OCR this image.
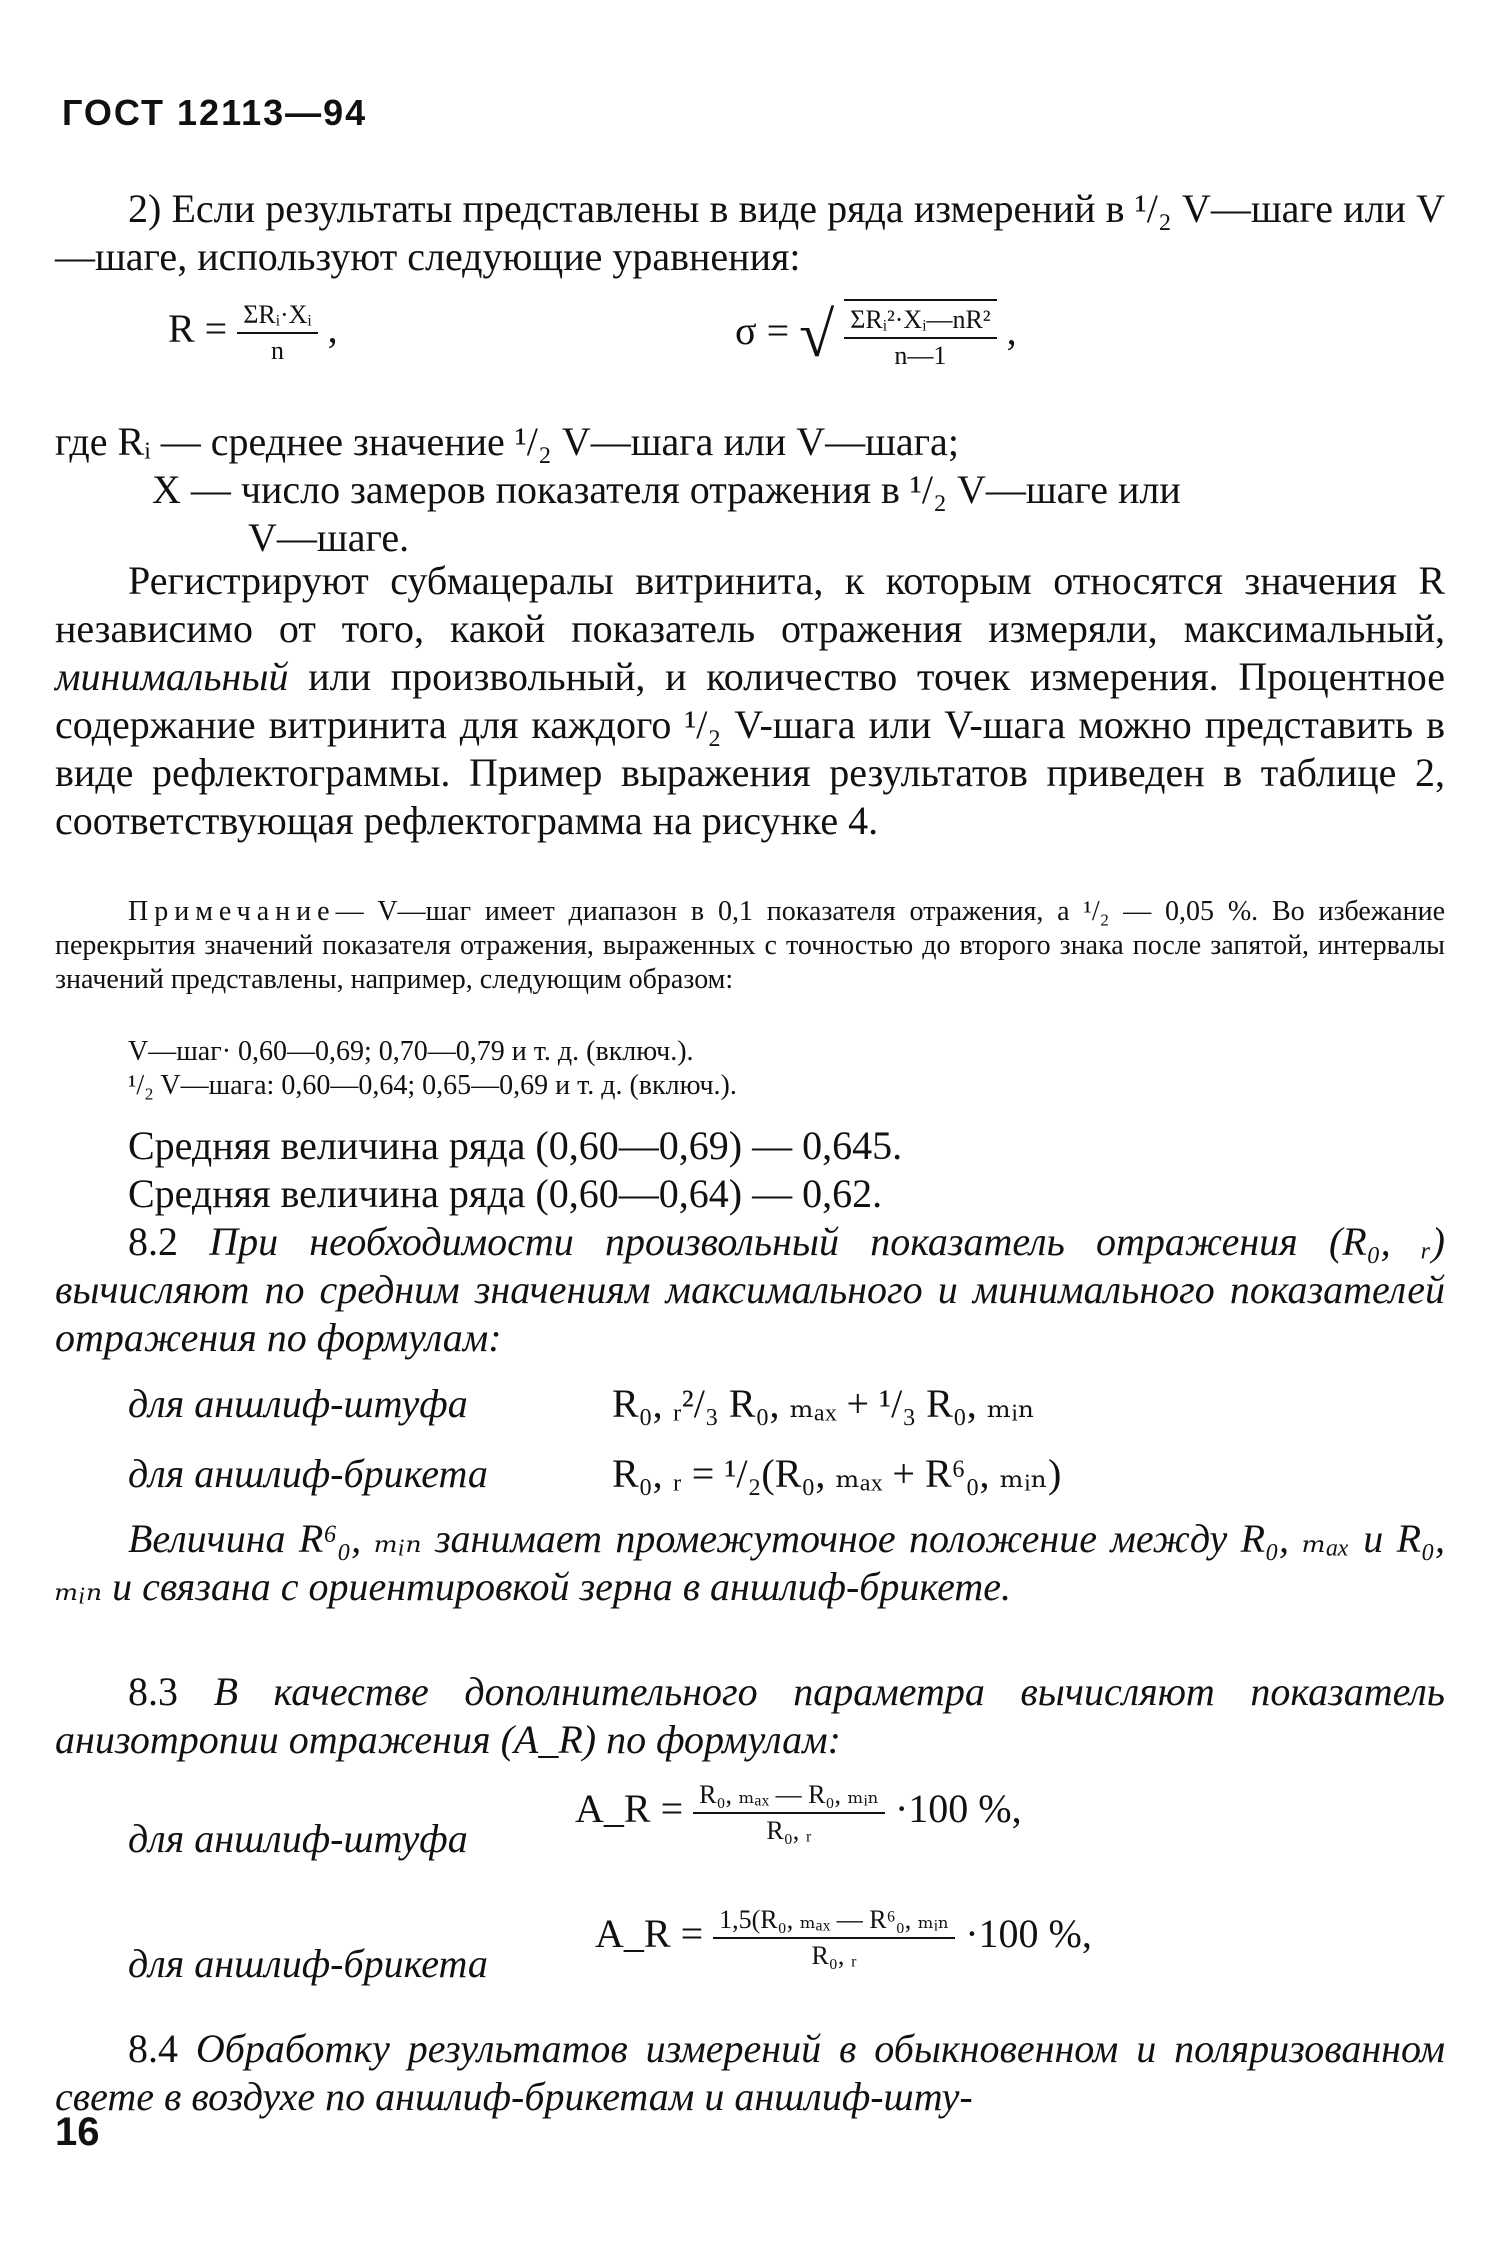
ГОСТ 12113—94

2) Если результаты представлены в виде ряда измерений в ¹/₂ V—шаге или V—шаге, используют следующие уравнения:

$R = \frac{\text{ΣRᵢ·Xᵢ}}{n}$ ,	σ = √ $\frac{\text{ΣRᵢ²·Xᵢ—nR²}}{n—1}$ ,
где Rᵢ — среднее значение ¹/₂ V—шага или V—шага;
X — число замеров показателя отражения в ¹/₂ V—шаге или
V—шаге.

Регистрируют субмацералы витринита, к которым относятся значения R независимо от того, какой показатель отражения измеряли, максимальный, минимальный или произвольный, и количество точек измерения. Процентное содержание витринита для каждого ¹/₂ V-шага или V-шага можно представить в виде рефлектограммы. Пример выражения результатов приведен в таблице 2, соответствующая рефлектограмма на рисунке 4.

Примечание— V—шаг имеет диапазон в 0,1 показателя отражения, а ¹/₂ — 0,05 %. Во избежание перекрытия значений показателя отражения, выраженных с точностью до второго знака после запятой, интервалы значений представлены, например, следующим образом:

V—шаг· 0,60—0,69; 0,70—0,79 и т. д. (включ.).
¹/₂ V—шага: 0,60—0,64; 0,65—0,69 и т. д. (включ.).
Средняя величина ряда (0,60—0,69) — 0,645.
Средняя величина ряда (0,60—0,64) — 0,62.

8.2 При необходимости произвольный показатель отражения (R₀, ᵣ) вычисляют по средним значениям максимального и минимального показателей отражения по формулам:

для аншлиф-штуфа	R₀, ᵣ²/₃ R₀, ₘₐₓ + ¹/₃ R₀, ₘᵢₙ
для аншлиф-брикета	R₀, ᵣ = ¹/₂(R₀, ₘₐₓ + R⁶₀, ₘᵢₙ)

Величина R⁶₀, ₘᵢₙ занимает промежуточное положение между R₀, ₘₐₓ и R₀, ₘᵢₙ и связана с ориентировкой зерна в аншлиф-брикете.

8.3 В качестве дополнительного параметра вычисляют показатель анизотропии отражения (A_R) по формулам:

для аншлиф-штуфа
A_R = $\frac{\text{R₀, ₘₐₓ — R₀, ₘᵢₙ}}{\text{R₀, ᵣ}} \cdot 100$ %,
для аншлиф-брикета
A_R = $\frac{\text{1,5(R₀, ₘₐₓ — R⁶₀, ₘᵢₙ}}{\text{R₀, ᵣ}} \cdot 100$ %,

8.4 Обработку результатов измерений в обыкновенном и поляризованном свете в воздухе по аншлиф-брикетам и аншлиф-шту-

16
